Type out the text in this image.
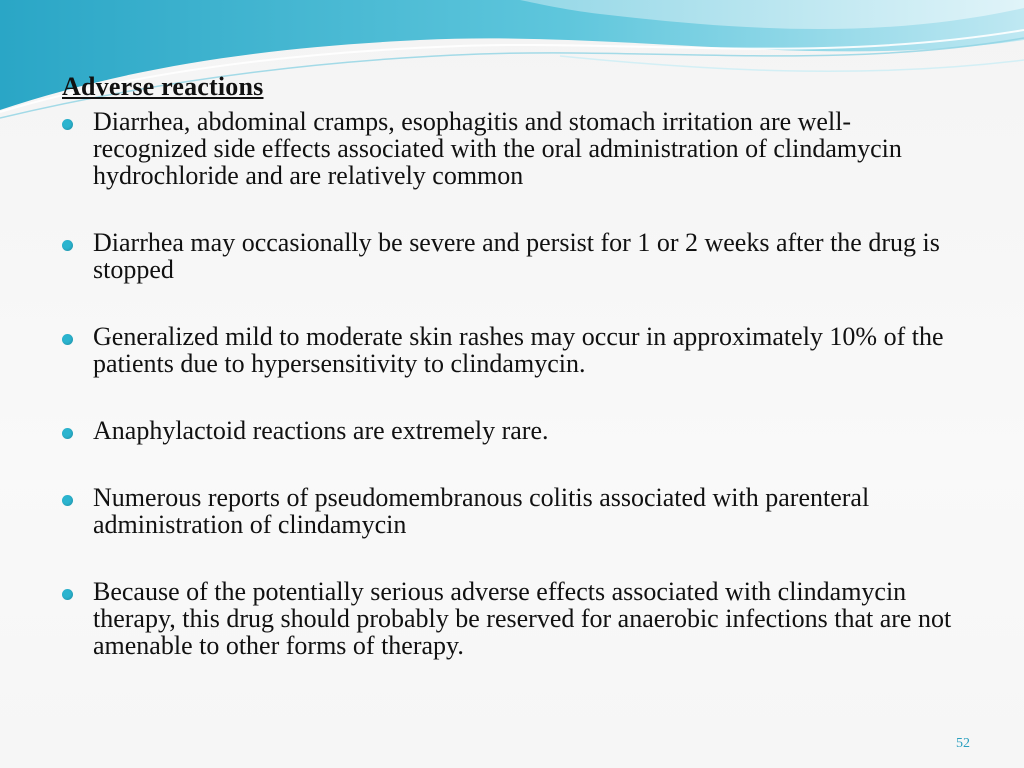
Adverse reactions
Diarrhea, abdominal cramps, esophagitis and stomach irritation are well-recognized side effects associated with the oral administration of clindamycin hydrochloride and are relatively common
Diarrhea may occasionally be severe and persist for 1 or 2 weeks after the drug is stopped
Generalized mild to moderate skin rashes may occur in approximately 10% of the patients due to hypersensitivity to clindamycin.
Anaphylactoid reactions are extremely rare.
Numerous reports of pseudomembranous colitis associated with parenteral administration of clindamycin
Because of the potentially serious adverse effects associated with clindamycin therapy, this drug should probably be reserved for anaerobic infections that are not amenable to other forms of therapy.
52
